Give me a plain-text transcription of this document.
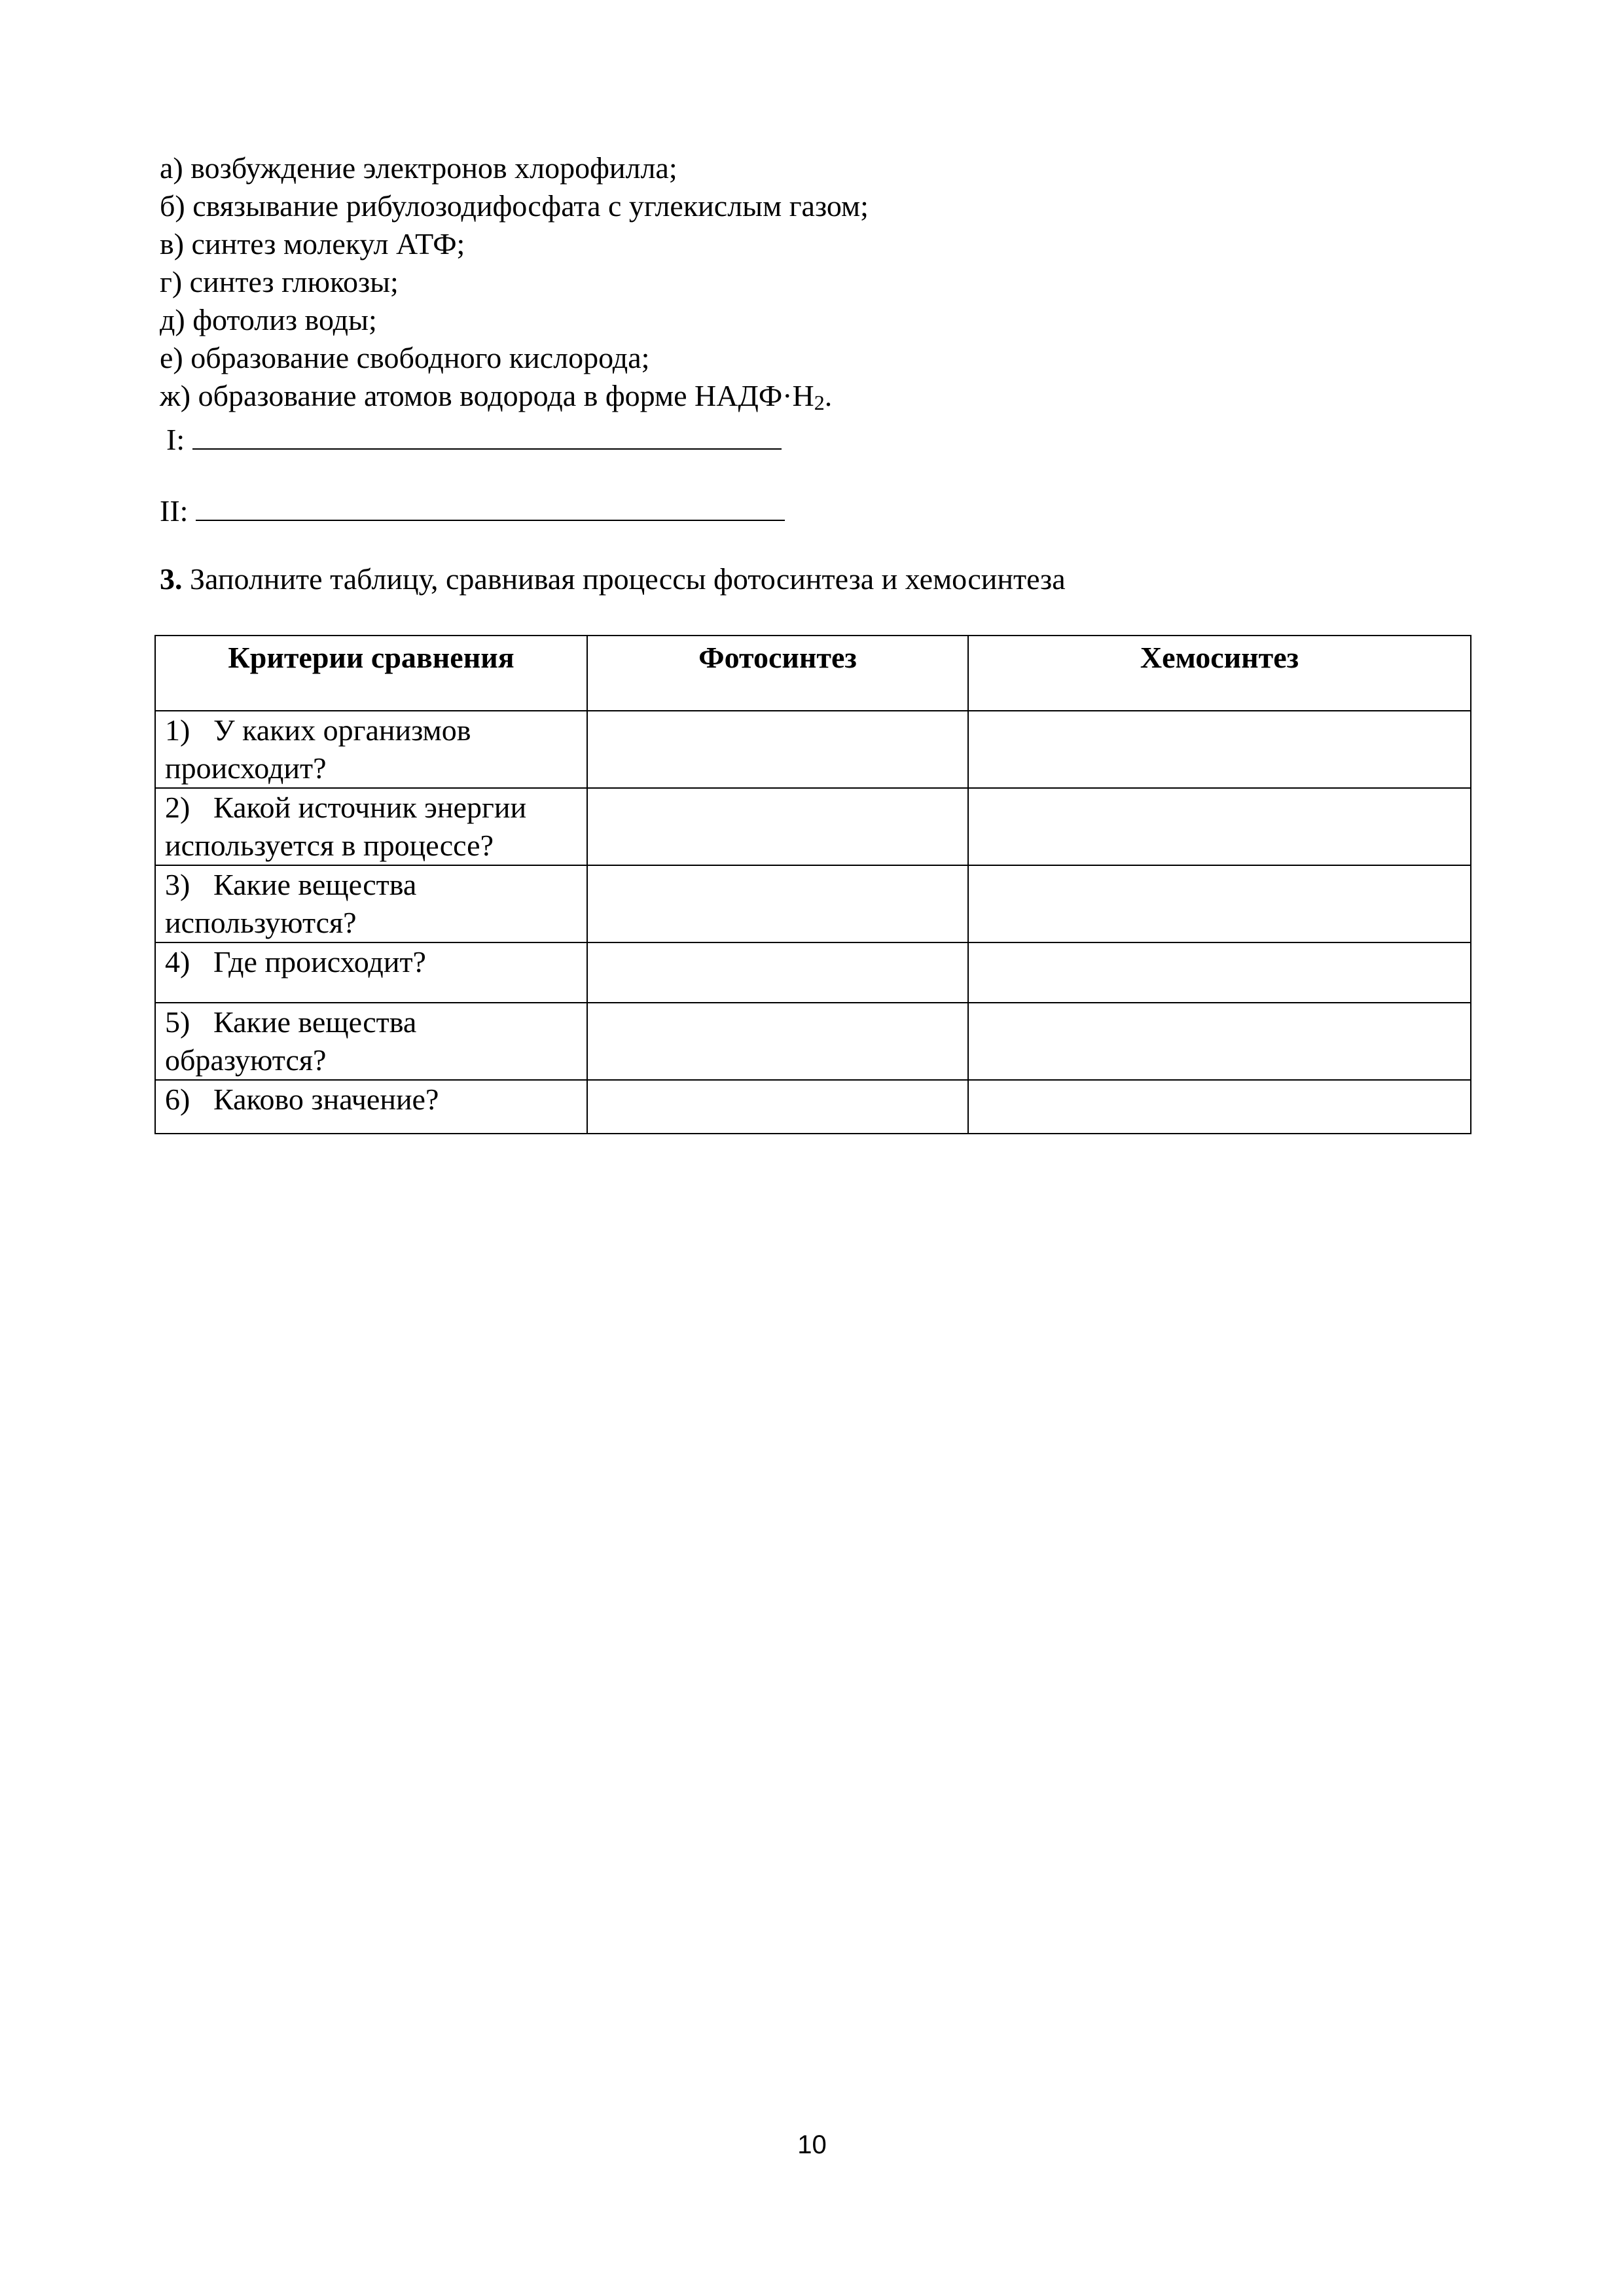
а) возбуждение электронов хлорофилла;

б) связывание рибулозодифосфата с углекислым газом;

в) синтез молекул АТФ;

г) синтез глюкозы;

д) фотолиз воды;

е) образование свободного кислорода;

ж) образование атомов водорода в форме $НАДФ\cdot Н_2$.

I:
II:
3. Заполните таблицу, сравнивая процессы фотосинтеза и хемосинтеза
Критерии сравнения	Фотосинтез	Хемосинтез
1) У каких организмов происходит?		
2) Какой источник энергии используется в процессе?		
3) Какие вещества используются?		
4) Где происходит?		
5) Какие вещества образуются?		
6) Каково значение?		
10
